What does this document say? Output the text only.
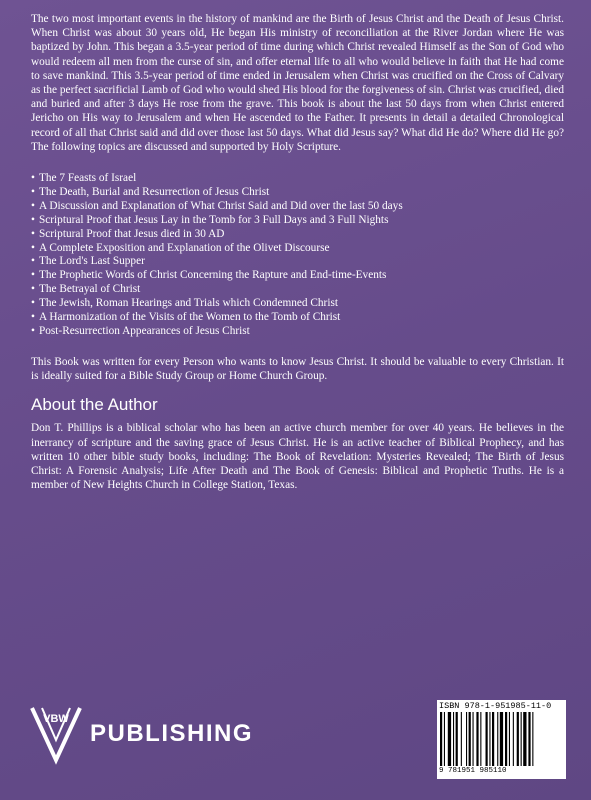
The two most important events in the history of mankind are the Birth of Jesus Christ and the Death of Jesus Christ. When Christ was about 30 years old, He began His ministry of reconciliation at the River Jordan where He was baptized by John. This began a 3.5-year period of time during which Christ revealed Himself as the Son of God who would redeem all men from the curse of sin, and offer eternal life to all who would believe in faith that He had come to save mankind. This 3.5-year period of time ended in Jerusalem when Christ was crucified on the Cross of Calvary as the perfect sacrificial Lamb of God who would shed His blood for the forgiveness of sin. Christ was crucified, died and buried and after 3 days He rose from the grave. This book is about the last 50 days from when Christ entered Jericho on His way to Jerusalem and when He ascended to the Father. It presents in detail a detailed Chronological record of all that Christ said and did over those last 50 days. What did Jesus say? What did He do? Where did He go? The following topics are discussed and supported by Holy Scripture.

• The 7 Feasts of Israel
• The Death, Burial and Resurrection of Jesus Christ
• A Discussion and Explanation of What Christ Said and Did over the last 50 days
• Scriptural Proof that Jesus Lay in the Tomb for 3 Full Days and 3 Full Nights
• Scriptural Proof that Jesus died in 30 AD
• A Complete Exposition and Explanation of the Olivet Discourse
• The Lord's Last Supper
• The Prophetic Words of Christ Concerning the Rapture and End-time-Events
• The Betrayal of Christ
• The Jewish, Roman Hearings and Trials which Condemned Christ
• A Harmonization of the Visits of the Women to the Tomb of Christ
• Post-Resurrection Appearances of Jesus Christ

This Book was written for every Person who wants to know Jesus Christ. It should be valuable to every Christian. It is ideally suited for a Bible Study Group or Home Church Group.

About the Author

Don T. Phillips is a biblical scholar who has been an active church member for over 40 years. He believes in the inerrancy of scripture and the saving grace of Jesus Christ. He is an active teacher of Biblical Prophecy, and has written 10 other bible study books, including: The Book of Revelation: Mysteries Revealed; The Birth of Jesus Christ: A Forensic Analysis; Life After Death and The Book of Genesis: Biblical and Prophetic Truths. He is a member of New Heights Church in College Station, Texas.

VBW
PUBLISHING
ISBN 978-1-951985-11-0
9 781951 985110
